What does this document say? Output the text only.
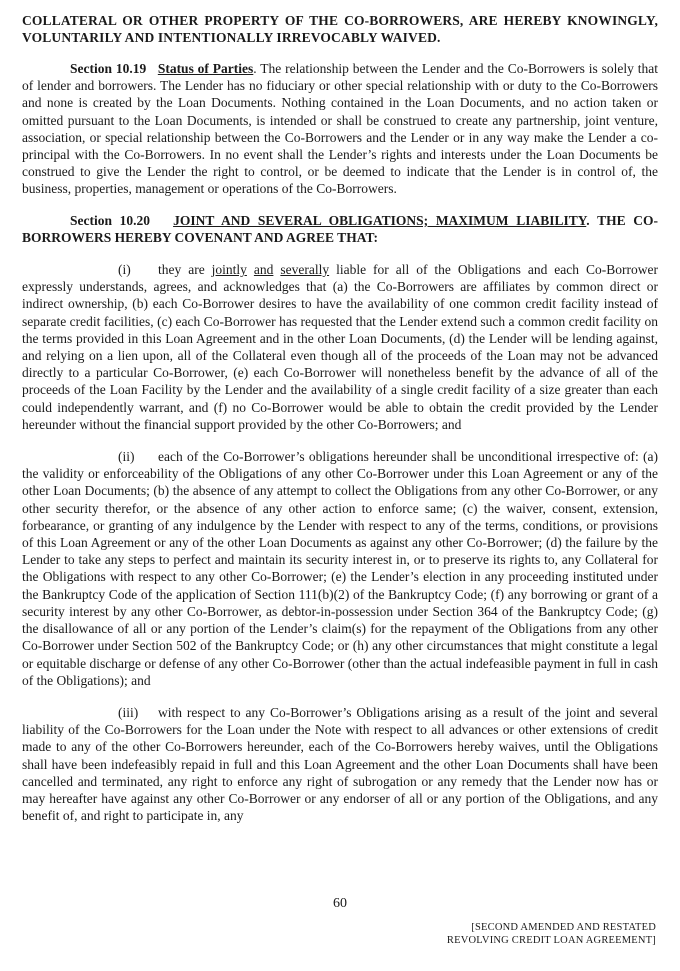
COLLATERAL OR OTHER PROPERTY OF THE CO-BORROWERS, ARE HEREBY KNOWINGLY, VOLUNTARILY AND INTENTIONALLY IRREVOCABLY WAIVED.

Section 10.19 Status of Parties. The relationship between the Lender and the Co-Borrowers is solely that of lender and borrowers. The Lender has no fiduciary or other special relationship with or duty to the Co-Borrowers and none is created by the Loan Documents. Nothing contained in the Loan Documents, and no action taken or omitted pursuant to the Loan Documents, is intended or shall be construed to create any partnership, joint venture, association, or special relationship between the Co-Borrowers and the Lender or in any way make the Lender a co-principal with the Co-Borrowers. In no event shall the Lender’s rights and interests under the Loan Documents be construed to give the Lender the right to control, or be deemed to indicate that the Lender is in control of, the business, properties, management or operations of the Co-Borrowers.

Section 10.20 JOINT AND SEVERAL OBLIGATIONS; MAXIMUM LIABILITY. THE CO-BORROWERS HEREBY COVENANT AND AGREE THAT:

(i) they are jointly and severally liable for all of the Obligations and each Co-Borrower expressly understands, agrees, and acknowledges that (a) the Co-Borrowers are affiliates by common direct or indirect ownership, (b) each Co-Borrower desires to have the availability of one common credit facility instead of separate credit facilities, (c) each Co-Borrower has requested that the Lender extend such a common credit facility on the terms provided in this Loan Agreement and in the other Loan Documents, (d) the Lender will be lending against, and relying on a lien upon, all of the Collateral even though all of the proceeds of the Loan may not be advanced directly to a particular Co-Borrower, (e) each Co-Borrower will nonetheless benefit by the advance of all of the proceeds of the Loan Facility by the Lender and the availability of a single credit facility of a size greater than each could independently warrant, and (f) no Co-Borrower would be able to obtain the credit provided by the Lender hereunder without the financial support provided by the other Co-Borrowers; and

(ii) each of the Co-Borrower’s obligations hereunder shall be unconditional irrespective of: (a) the validity or enforceability of the Obligations of any other Co-Borrower under this Loan Agreement or any of the other Loan Documents; (b) the absence of any attempt to collect the Obligations from any other Co-Borrower, or any other security therefor, or the absence of any other action to enforce same; (c) the waiver, consent, extension, forbearance, or granting of any indulgence by the Lender with respect to any of the terms, conditions, or provisions of this Loan Agreement or any of the other Loan Documents as against any other Co-Borrower; (d) the failure by the Lender to take any steps to perfect and maintain its security interest in, or to preserve its rights to, any Collateral for the Obligations with respect to any other Co-Borrower; (e) the Lender’s election in any proceeding instituted under the Bankruptcy Code of the application of Section 111(b)(2) of the Bankruptcy Code; (f) any borrowing or grant of a security interest by any other Co-Borrower, as debtor-in-possession under Section 364 of the Bankruptcy Code; (g) the disallowance of all or any portion of the Lender’s claim(s) for the repayment of the Obligations from any other Co-Borrower under Section 502 of the Bankruptcy Code; or (h) any other circumstances that might constitute a legal or equitable discharge or defense of any other Co-Borrower (other than the actual indefeasible payment in full in cash of the Obligations); and

(iii) with respect to any Co-Borrower’s Obligations arising as a result of the joint and several liability of the Co-Borrowers for the Loan under the Note with respect to all advances or other extensions of credit made to any of the other Co-Borrowers hereunder, each of the Co-Borrowers hereby waives, until the Obligations shall have been indefeasibly repaid in full and this Loan Agreement and the other Loan Documents shall have been cancelled and terminated, any right to enforce any right of subrogation or any remedy that the Lender now has or may hereafter have against any other Co-Borrower or any endorser of all or any portion of the Obligations, and any benefit of, and right to participate in, any

60
[SECOND AMENDED AND RESTATED
REVOLVING CREDIT LOAN AGREEMENT]
